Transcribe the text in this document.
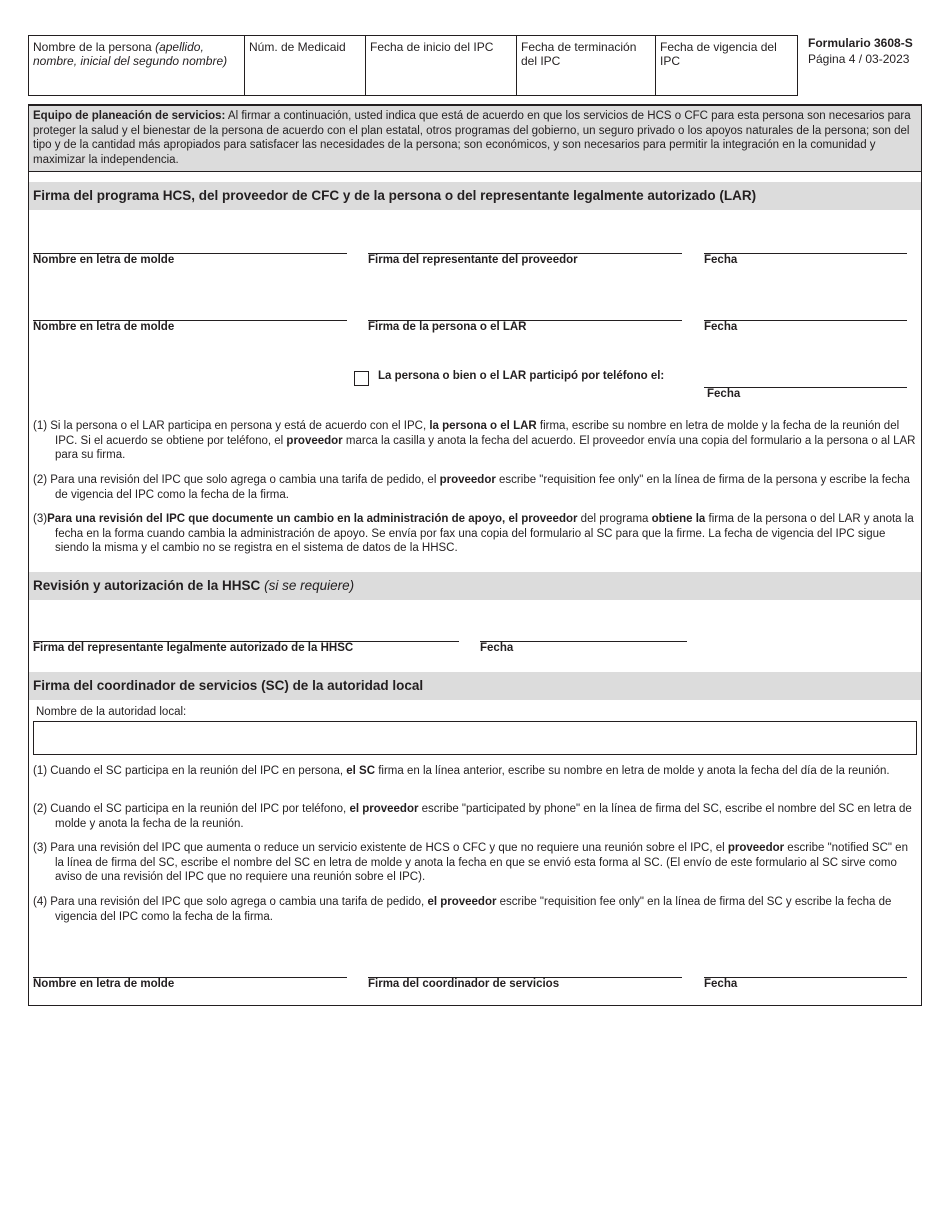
Nombre de la persona (apellido, nombre, inicial del segundo nombre)	Núm. de Medicaid	Fecha de inicio del IPC	Fecha de terminación del IPC	Fecha de vigencia del IPC
Formulario 3608-S
Página 4 / 03-2023
Equipo de planeación de servicios: Al firmar a continuación, usted indica que está de acuerdo en que los servicios de HCS o CFC para esta persona son necesarios para proteger la salud y el bienestar de la persona de acuerdo con el plan estatal, otros programas del gobierno, un seguro privado o los apoyos naturales de la persona; son del tipo y de la cantidad más apropiados para satisfacer las necesidades de la persona; son económicos, y son necesarios para permitir la integración en la comunidad y maximizar la independencia.
Firma del programa HCS, del proveedor de CFC y de la persona o del representante legalmente autorizado (LAR)
Nombre en letra de molde	Firma del representante del proveedor	Fecha
Nombre en letra de molde	Firma de la persona o el LAR	Fecha
La persona o bien o el LAR participó por teléfono el:
Fecha
(1) Si la persona o el LAR participa en persona y está de acuerdo con el IPC, la persona o el LAR firma, escribe su nombre en letra de molde y la fecha de la reunión del IPC. Si el acuerdo se obtiene por teléfono, el proveedor marca la casilla y anota la fecha del acuerdo. El proveedor envía una copia del formulario a la persona o al LAR para su firma.
(2) Para una revisión del IPC que solo agrega o cambia una tarifa de pedido, el proveedor escribe "requisition fee only" en la línea de firma de la persona y escribe la fecha de vigencia del IPC como la fecha de la firma.
(3)Para una revisión del IPC que documente un cambio en la administración de apoyo, el proveedor del programa obtiene la firma de la persona o del LAR y anota la fecha en la forma cuando cambia la administración de apoyo. Se envía por fax una copia del formulario al SC para que la firme. La fecha de vigencia del IPC sigue siendo la misma y el cambio no se registra en el sistema de datos de la HHSC.
Revisión y autorización de la HHSC (si se requiere)
Firma del representante legalmente autorizado de la HHSC	Fecha
Firma del coordinador de servicios (SC) de la autoridad local
Nombre de la autoridad local:
(1) Cuando el SC participa en la reunión del IPC en persona, el SC firma en la línea anterior, escribe su nombre en letra de molde y anota la fecha del día de la reunión.
(2) Cuando el SC participa en la reunión del IPC por teléfono, el proveedor escribe "participated by phone" en la línea de firma del SC, escribe el nombre del SC en letra de molde y anota la fecha de la reunión.
(3) Para una revisión del IPC que aumenta o reduce un servicio existente de HCS o CFC y que no requiere una reunión sobre el IPC, el proveedor escribe "notified SC" en la línea de firma del SC, escribe el nombre del SC en letra de molde y anota la fecha en que se envió esta forma al SC. (El envío de este formulario al SC sirve como aviso de una revisión del IPC que no requiere una reunión sobre el IPC).
(4) Para una revisión del IPC que solo agrega o cambia una tarifa de pedido, el proveedor escribe "requisition fee only" en la línea de firma del SC y escribe la fecha de vigencia del IPC como la fecha de la firma.
Nombre en letra de molde	Firma del coordinador de servicios	Fecha
